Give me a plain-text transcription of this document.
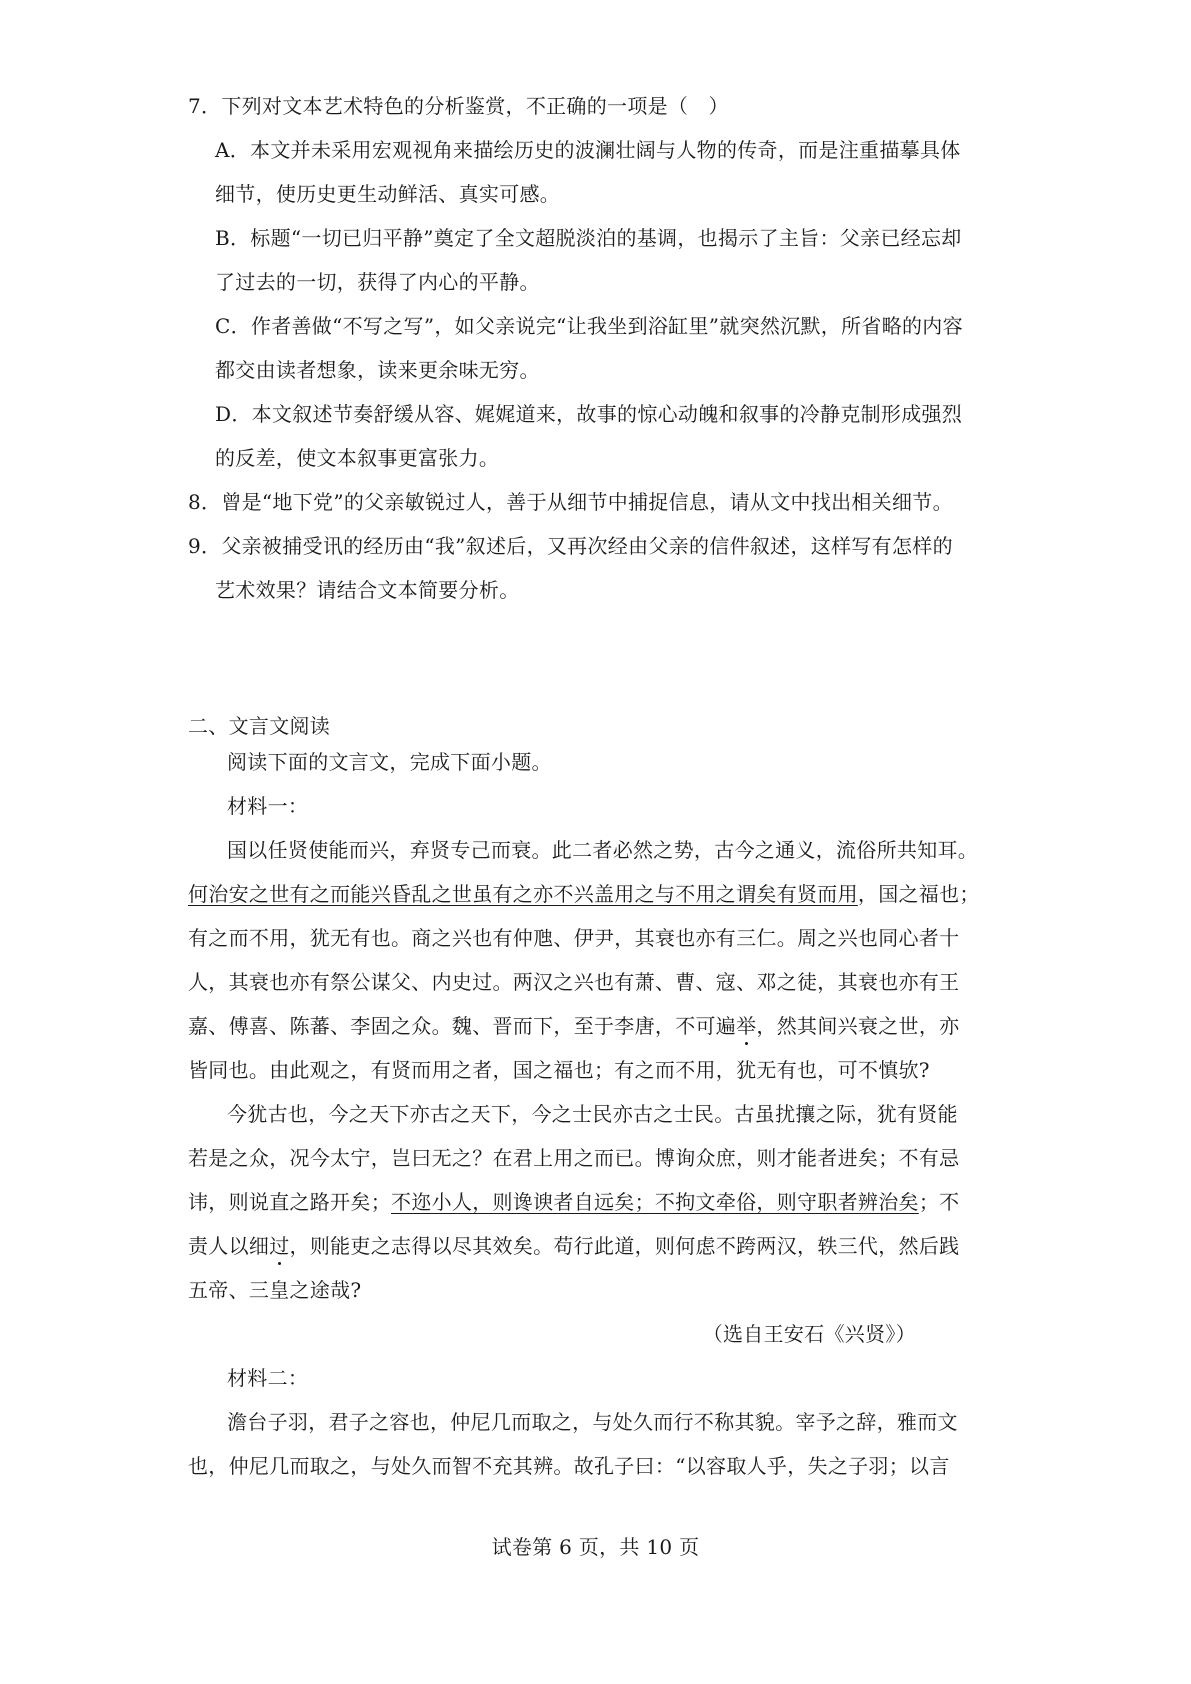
7．下列对文本艺术特色的分析鉴赏，不正确的一项是（　）
A．本文并未采用宏观视角来描绘历史的波澜壮阔与人物的传奇，而是注重描摹具体
细节，使历史更生动鲜活、真实可感。
B．标题“一切已归平静”奠定了全文超脱淡泊的基调，也揭示了主旨：父亲已经忘却
了过去的一切，获得了内心的平静。
C．作者善做“不写之写”，如父亲说完“让我坐到浴缸里”就突然沉默，所省略的内容
都交由读者想象，读来更余味无穷。
D．本文叙述节奏舒缓从容、娓娓道来，故事的惊心动魄和叙事的冷静克制形成强烈
的反差，使文本叙事更富张力。
8．曾是“地下党”的父亲敏锐过人，善于从细节中捕捉信息，请从文中找出相关细节。
9．父亲被捕受讯的经历由“我”叙述后，又再次经由父亲的信件叙述，这样写有怎样的
艺术效果？请结合文本简要分析。
二、文言文阅读
阅读下面的文言文，完成下面小题。
材料一：
国以任贤使能而兴，弃贤专己而衰。此二者必然之势，古今之通义，流俗所共知耳。
何治安之世有之而能兴昏乱之世虽有之亦不兴盖用之与不用之谓矣有贤而用，国之福也；
有之而不用，犹无有也。商之兴也有仲虺、伊尹，其衰也亦有三仁。周之兴也同心者十
人，其衰也亦有祭公谋父、内史过。两汉之兴也有萧、曹、寇、邓之徒，其衰也亦有王
嘉、傅喜、陈蕃、李固之众。魏、晋而下，至于李唐，不可遍举，然其间兴衰之世，亦
皆同也。由此观之，有贤而用之者，国之福也；有之而不用，犹无有也，可不慎欤?
今犹古也，今之天下亦古之天下，今之士民亦古之士民。古虽扰攘之际，犹有贤能
若是之众，况今太宁，岂曰无之？在君上用之而已。博询众庶，则才能者进矣；不有忌
讳，则说直之路开矣；不迩小人，则谗谀者自远矣；不拘文牵俗，则守职者辨治矣；不
责人以细过，则能吏之志得以尽其效矣。苟行此道，则何虑不跨两汉，轶三代，然后践
五帝、三皇之途哉?
（选自王安石《兴贤》）
材料二：
澹台子羽，君子之容也，仲尼几而取之，与处久而行不称其貌。宰予之辞，雅而文
也，仲尼几而取之，与处久而智不充其辨。故孔子曰：“以容取人乎，失之子羽；以言
试卷第 6 页，共 10 页
